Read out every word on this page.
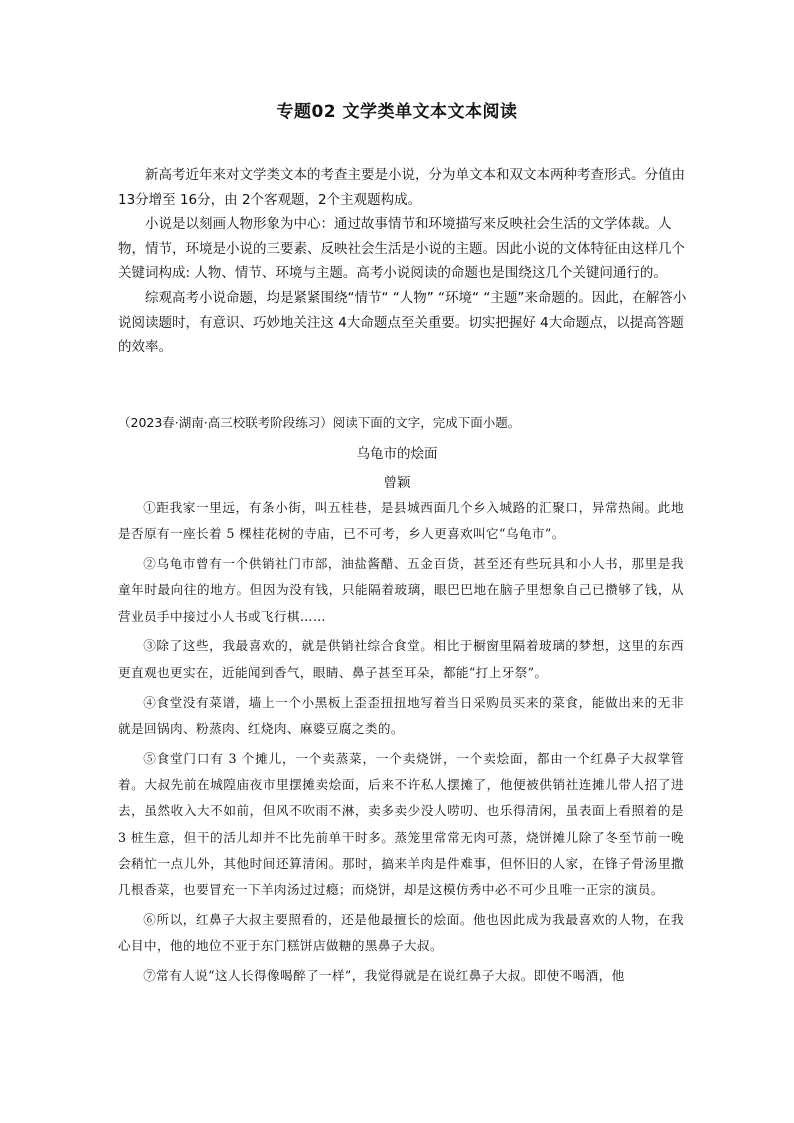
专题02 文学类单文本文本阅读

新高考近年来对文学类文本的考查主要是小说，分为单文本和双文本两种考查形式。分值由 13分增至 16分，由 2个客观题，2个主观题构成。

小说是以刻画人物形象为中心：通过故事情节和环境描写来反映社会生活的文学体裁。人物，情节，环境是小说的三要素、反映社会生活是小说的主题。因此小说的文体特征由这样几个关键词构成: 人物、情节、环境与主题。高考小说阅读的命题也是围绕这几个关键问通行的。

综观高考小说命题，均是紧紧围绕“情节“ “人物” “环境“ “主题”来命题的。因此，在解答小说阅读题时，有意识、巧妙地关注这 4大命题点至关重要。切实把握好 4大命题点，以提高答题的效率。

（2023春·湖南·高三校联考阶段练习）阅读下面的文字，完成下面小题。

乌龟市的烩面

曾颖

①距我家一里远，有条小街，叫五桂巷，是县城西面几个乡入城路的汇聚口，异常热闹。此地是否原有一座长着 5 棵桂花树的寺庙，已不可考，乡人更喜欢叫它“乌龟市”。

②乌龟市曾有一个供销社门市部，油盐酱醋、五金百货，甚至还有些玩具和小人书，那里是我童年时最向往的地方。但因为没有钱，只能隔着玻璃，眼巴巴地在脑子里想象自己已攒够了钱，从营业员手中接过小人书或飞行棋……

③除了这些，我最喜欢的，就是供销社综合食堂。相比于橱窗里隔着玻璃的梦想，这里的东西更直观也更实在，近能闻到香气，眼睛、鼻子甚至耳朵，都能“打上牙祭”。

④食堂没有菜谱，墙上一个小黑板上歪歪扭扭地写着当日采购员买来的菜食，能做出来的无非就是回锅肉、粉蒸肉、红烧肉、麻婆豆腐之类的。

⑤食堂门口有 3 个摊儿，一个卖蒸菜，一个卖烧饼，一个卖烩面，都由一个红鼻子大叔掌管着。大叔先前在城隍庙夜市里摆摊卖烩面，后来不许私人摆摊了，他便被供销社连摊儿带人招了进去，虽然收入大不如前，但风不吹雨不淋，卖多卖少没人唠叨、也乐得清闲，虽表面上看照着的是 3 桩生意，但干的活儿却并不比先前单干时多。蒸笼里常常无肉可蒸，烧饼摊儿除了冬至节前一晚会稍忙一点儿外，其他时间还算清闲。那时，搞来羊肉是件难事，但怀旧的人家，在锋子骨汤里撒几根香菜，也要冒充一下羊肉汤过过瘾；而烧饼，却是这模仿秀中必不可少且唯一正宗的演员。

⑥所以，红鼻子大叔主要照看的，还是他最擅长的烩面。他也因此成为我最喜欢的人物，在我心目中，他的地位不亚于东门糕饼店做糖的黑鼻子大叔。

⑦常有人说“这人长得像喝醉了一样”，我觉得就是在说红鼻子大叔。即使不喝酒，他
